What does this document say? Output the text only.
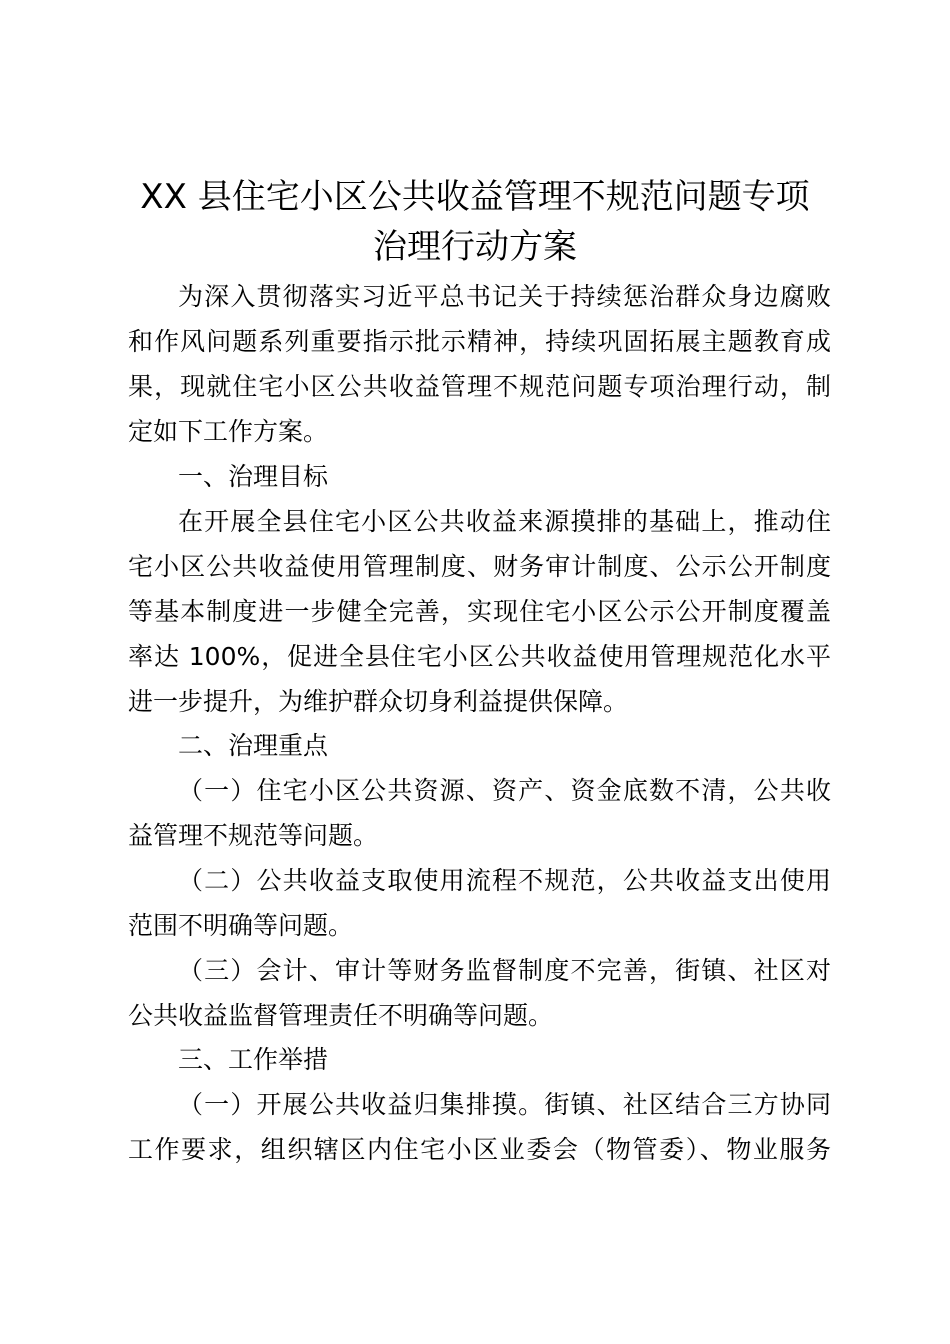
XX 县住宅小区公共收益管理不规范问题专项
治理行动方案

为深入贯彻落实习近平总书记关于持续惩治群众身边腐败

和作风问题系列重要指示批示精神，持续巩固拓展主题教育成

果，现就住宅小区公共收益管理不规范问题专项治理行动，制

定如下工作方案。

一、治理目标

在开展全县住宅小区公共收益来源摸排的基础上，推动住

宅小区公共收益使用管理制度、财务审计制度、公示公开制度

等基本制度进一步健全完善，实现住宅小区公示公开制度覆盖

率达 100%，促进全县住宅小区公共收益使用管理规范化水平

进一步提升，为维护群众切身利益提供保障。

二、治理重点

（一）住宅小区公共资源、资产、资金底数不清，公共收

益管理不规范等问题。

（二）公共收益支取使用流程不规范，公共收益支出使用

范围不明确等问题。

（三）会计、审计等财务监督制度不完善，街镇、社区对

公共收益监督管理责任不明确等问题。

三、工作举措

（一）开展公共收益归集排摸。街镇、社区结合三方协同

工作要求，组织辖区内住宅小区业委会（物管委）、物业服务
